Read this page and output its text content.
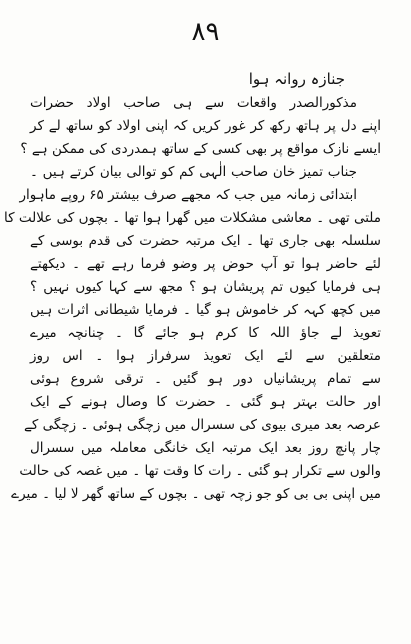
۸۹
جنازہ روانہ ہوا
مذکورالصدر واقعات سے ہی صاحب اولاد حضرات
اپنے دل پر ہاتھ رکھ کر غور کریں کہ اپنی اولاد کو ساتھ لے کر
ایسے نازک مواقع پر بھی کسی کے ساتھ ہمدردی کی ممکن ہے ؟
جناب تمیز خان صاحب الٰہی کم کو توالی بیان کرتے ہیں ۔
ابتدائی زمانہ میں جب کہ مجھے صرف بیشتر ۶۵ روپے ماہوار
ملتی تھی ۔ معاشی مشکلات میں گھرا ہوا تھا ۔ بچوں کی علالت کا
سلسلہ بھی جاری تھا ۔ ایک مرتبہ حضرت کی قدم بوسی کے
لئے حاضر ہوا تو آپ حوض پر وضو فرما رہے تھے ۔ دیکھتے
ہی فرمایا کیوں تم پریشان ہو ؟ مجھ سے کہا کیوں نہیں ؟
میں کچھ کہہ کر خاموش ہو گیا ۔ فرمایا شیطانی اثرات ہیں
تعویذ لے جاؤ اللہ کا کرم ہو جائے گا ۔ چنانچہ میرے
متعلقین سے لئے ایک تعویذ سرفراز ہوا ۔ اس روز
سے تمام پریشانیاں دور ہو گئیں ۔ ترقی شروع ہوئی
اور حالت بہتر ہو گئی ۔ حضرت کا وصال ہونے کے ایک
عرصہ بعد میری بیوی کی سسرال میں زچگی ہوئی ۔ زچگی کے
چار پانچ روز بعد ایک مرتبہ ایک خانگی معاملہ میں سسرال
والوں سے تکرار ہو گئی ۔ رات کا وقت تھا ۔ میں غصہ کی حالت
میں اپنی بی بی کو جو زچہ تھی ۔ بچوں کے ساتھ گھر لا لیا ۔ میرے
